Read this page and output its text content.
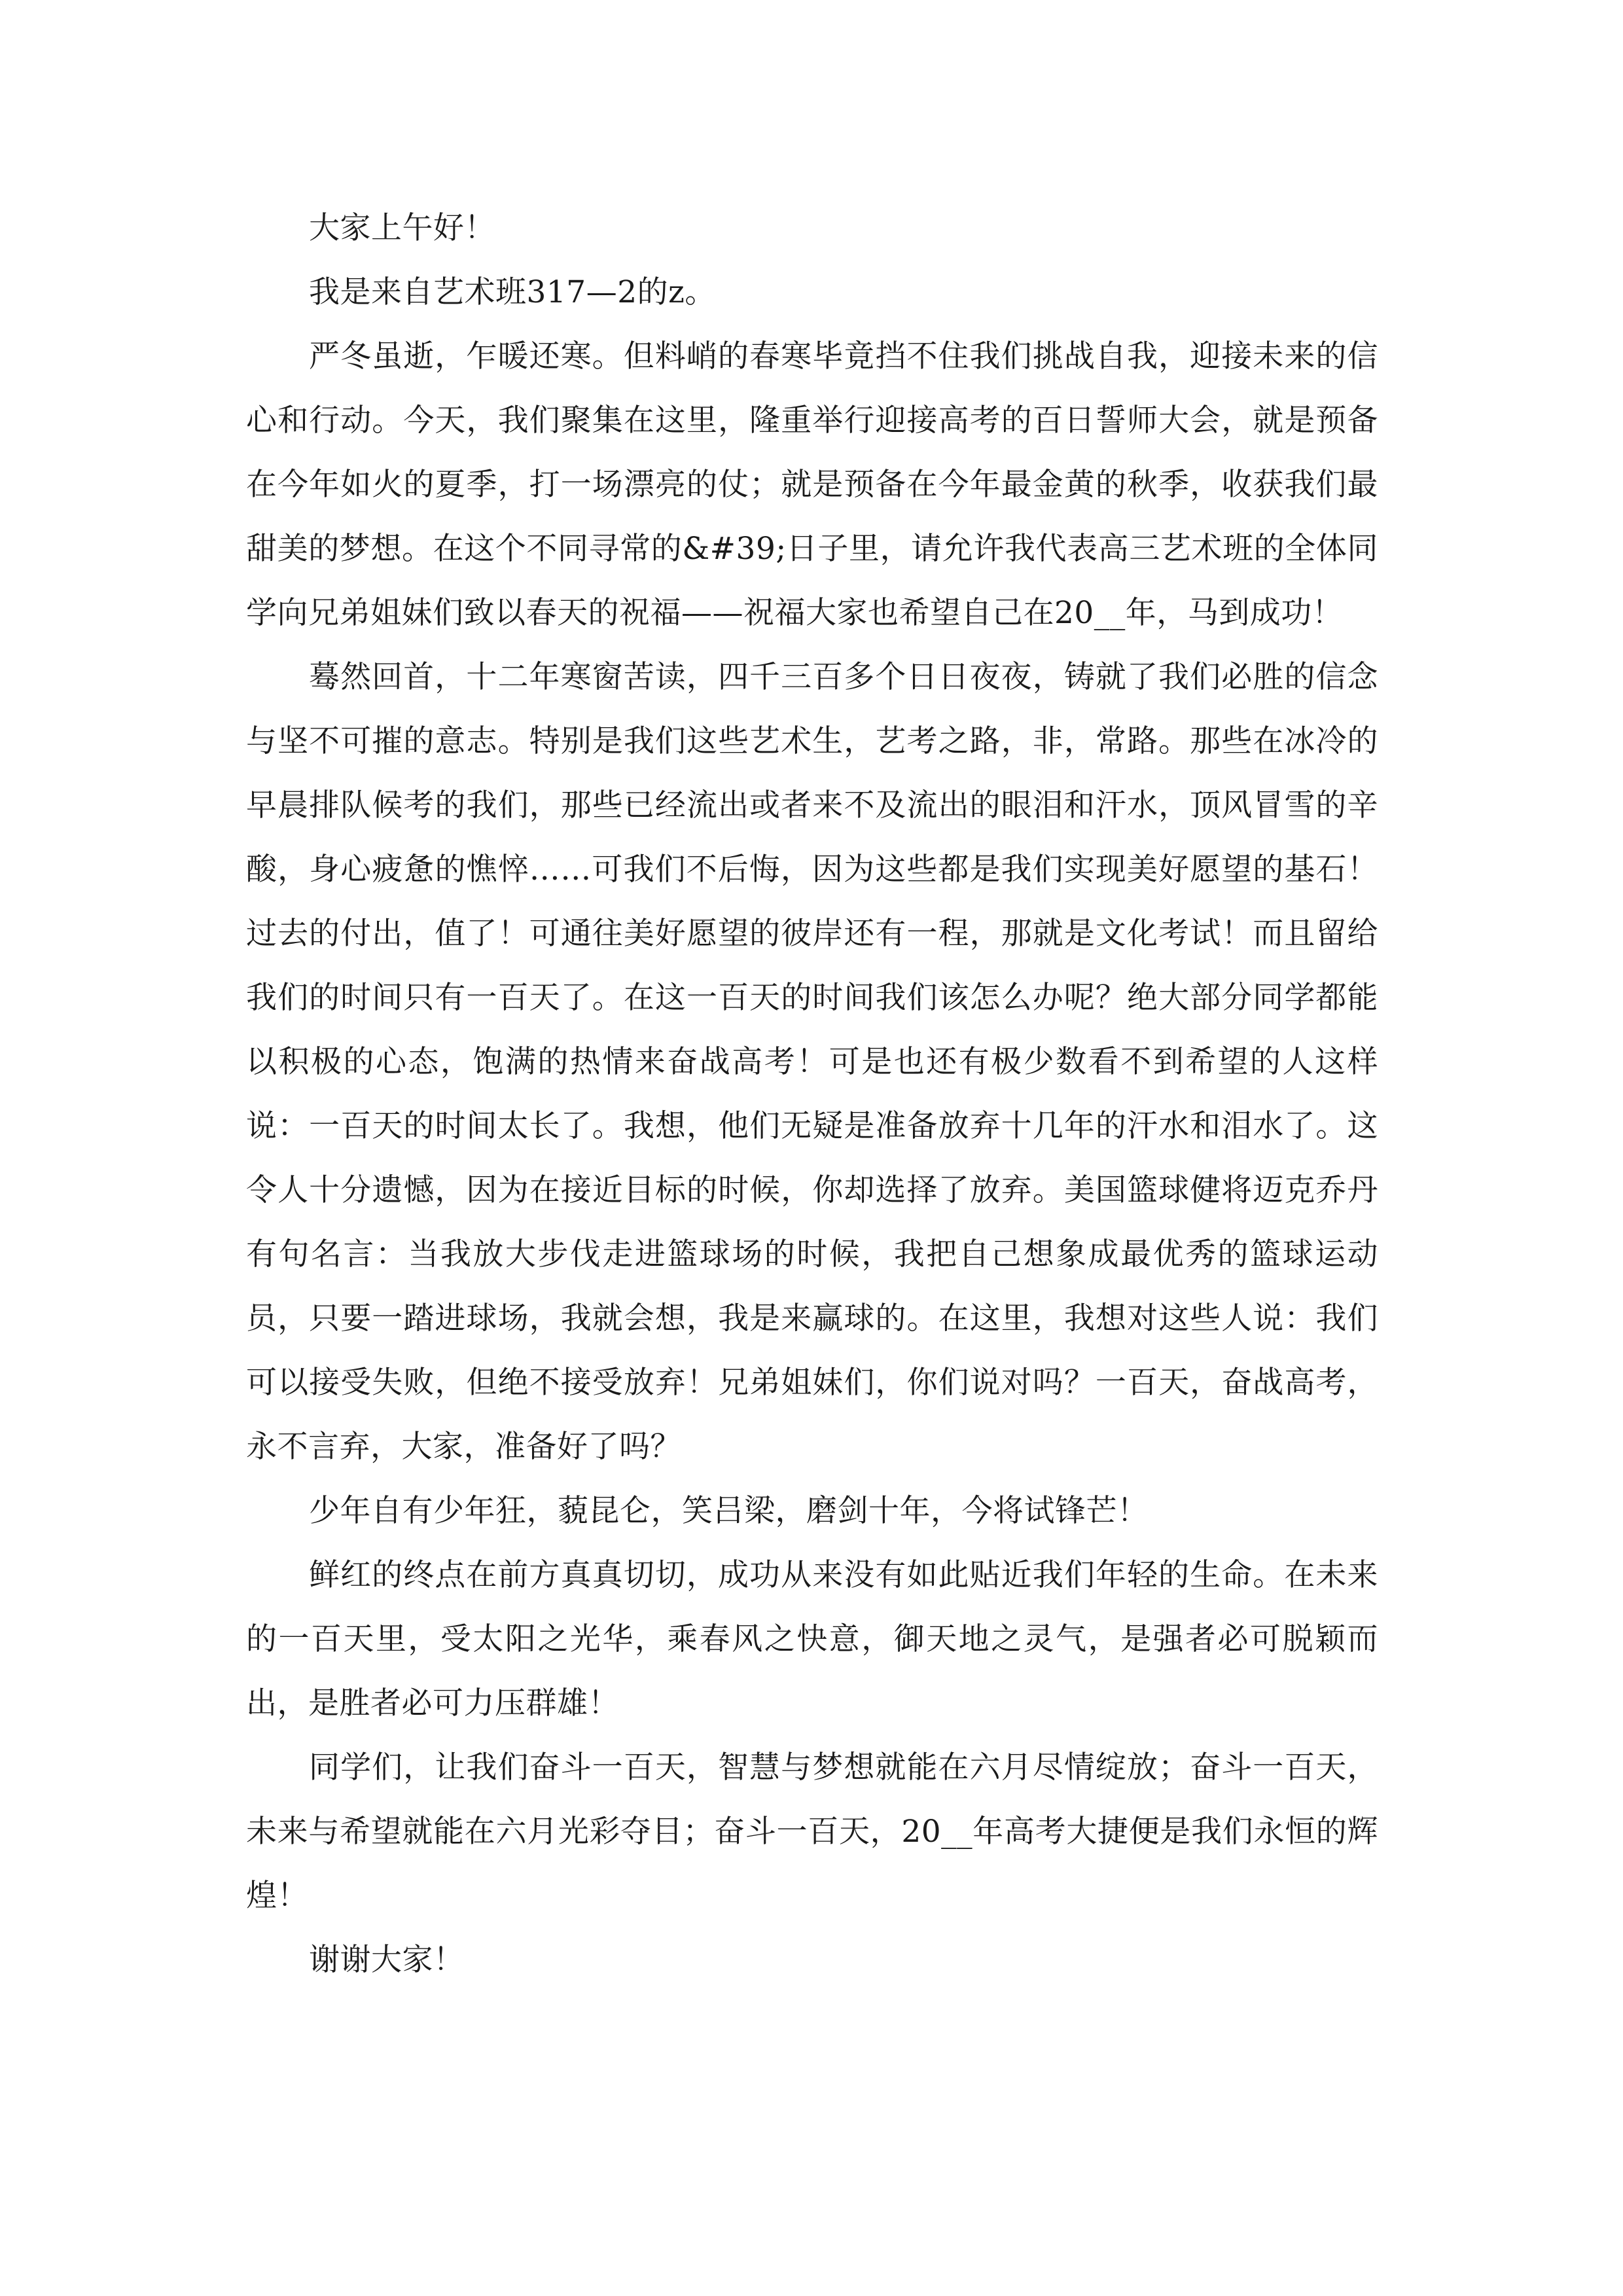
大家上午好！

我是来自艺术班317—2的z。

严冬虽逝，乍暖还寒。但料峭的春寒毕竟挡不住我们挑战自我，迎接未来的信心和行动。今天，我们聚集在这里，隆重举行迎接高考的百日誓师大会，就是预备在今年如火的夏季，打一场漂亮的仗；就是预备在今年最金黄的秋季，收获我们最甜美的梦想。在这个不同寻常的&#39;日子里，请允许我代表高三艺术班的全体同学向兄弟姐妹们致以春天的祝福——祝福大家也希望自己在20__年，马到成功！

蓦然回首，十二年寒窗苦读，四千三百多个日日夜夜，铸就了我们必胜的信念与坚不可摧的意志。特别是我们这些艺术生，艺考之路，非，常路。那些在冰冷的早晨排队候考的我们，那些已经流出或者来不及流出的眼泪和汗水，顶风冒雪的辛酸，身心疲惫的憔悴……可我们不后悔，因为这些都是我们实现美好愿望的基石！过去的付出，值了！可通往美好愿望的彼岸还有一程，那就是文化考试！而且留给我们的时间只有一百天了。在这一百天的时间我们该怎么办呢？绝大部分同学都能以积极的心态，饱满的热情来奋战高考！可是也还有极少数看不到希望的人这样说：一百天的时间太长了。我想，他们无疑是准备放弃十几年的汗水和泪水了。这令人十分遗憾，因为在接近目标的时候，你却选择了放弃。美国篮球健将迈克乔丹有句名言：当我放大步伐走进篮球场的时候，我把自己想象成最优秀的篮球运动员，只要一踏进球场，我就会想，我是来赢球的。在这里，我想对这些人说：我们可以接受失败，但绝不接受放弃！兄弟姐妹们，你们说对吗？一百天，奋战高考，永不言弃，大家，准备好了吗？

少年自有少年狂，藐昆仑，笑吕梁，磨剑十年，今将试锋芒！

鲜红的终点在前方真真切切，成功从来没有如此贴近我们年轻的生命。在未来的一百天里，受太阳之光华，乘春风之快意，御天地之灵气，是强者必可脱颖而出，是胜者必可力压群雄！

同学们，让我们奋斗一百天，智慧与梦想就能在六月尽情绽放；奋斗一百天，未来与希望就能在六月光彩夺目；奋斗一百天，20__年高考大捷便是我们永恒的辉煌！

谢谢大家！
